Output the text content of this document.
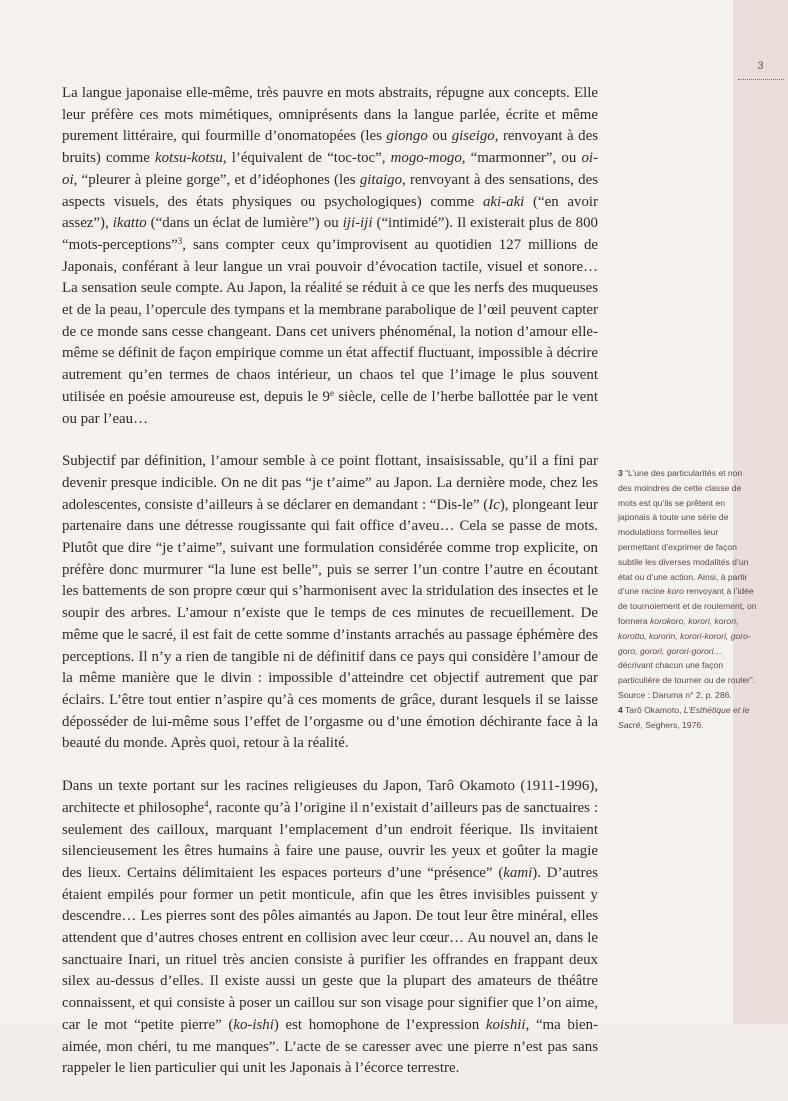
3

La langue japonaise elle-même, très pauvre en mots abstraits, répugne aux concepts. Elle leur préfère ces mots mimétiques, omniprésents dans la langue parlée, écrite et même purement littéraire, qui fourmille d’onomatopées (les giongo ou giseigo, renvoyant à des bruits) comme kotsu-kotsu, l’équivalent de “toc-toc”, mogo-mogo, “marmonner”, ou oi-oi, “pleurer à pleine gorge”, et d’idéophones (les gitaigo, renvoyant à des sensations, des aspects visuels, des états physiques ou psychologiques) comme aki-aki (“en avoir assez”), ikatto (“dans un éclat de lumière”) ou iji-iji (“intimidé”). Il existerait plus de 800 “mots-perceptions”$^3$, sans compter ceux qu’improvisent au quotidien 127 millions de Japonais, conférant à leur langue un vrai pouvoir d’évocation tactile, visuel et sonore… La sensation seule compte. Au Japon, la réalité se réduit à ce que les nerfs des muqueuses et de la peau, l’opercule des tympans et la membrane parabolique de l’œil peuvent capter de ce monde sans cesse changeant. Dans cet univers phénoménal, la notion d’amour elle-même se définit de façon empirique comme un état affectif fluctuant, impossible à décrire autrement qu’en termes de chaos intérieur, un chaos tel que l’image le plus souvent utilisée en poésie amoureuse est, depuis le 9e siècle, celle de l’herbe ballottée par le vent ou par l’eau…

Subjectif par définition, l’amour semble à ce point flottant, insaisissable, qu’il a fini par devenir presque indicible. On ne dit pas “je t’aime” au Japon. La dernière mode, chez les adolescentes, consiste d’ailleurs à se déclarer en demandant : “Dis-le” (Ic), plongeant leur partenaire dans une détresse rougissante qui fait office d’aveu… Cela se passe de mots. Plutôt que dire “je t’aime”, suivant une formulation considérée comme trop explicite, on préfère donc murmurer “la lune est belle”, puis se serrer l’un contre l’autre en écoutant les battements de son propre cœur qui s’harmonisent avec la stridulation des insectes et le soupir des arbres. L’amour n’existe que le temps de ces minutes de recueillement. De même que le sacré, il est fait de cette somme d’instants arrachés au passage éphémère des perceptions. Il n’y a rien de tangible ni de définitif dans ce pays qui considère l’amour de la même manière que le divin : impossible d’atteindre cet objectif autrement que par éclairs. L’être tout entier n’aspire qu’à ces moments de grâce, durant lesquels il se laisse déposséder de lui-même sous l’effet de l’orgasme ou d’une émotion déchirante face à la beauté du monde. Après quoi, retour à la réalité.

Dans un texte portant sur les racines religieuses du Japon, Tarô Okamoto (1911-1996), architecte et philosophe$^4$, raconte qu’à l’origine il n’existait d’ailleurs pas de sanctuaires : seulement des cailloux, marquant l’emplacement d’un endroit féerique. Ils invitaient silencieusement les êtres humains à faire une pause, ouvrir les yeux et goûter la magie des lieux. Certains délimitaient les espaces porteurs d’une “présence” (kami). D’autres étaient empilés pour former un petit monticule, afin que les êtres invisibles puissent y descendre… Les pierres sont des pôles aimantés au Japon. De tout leur être minéral, elles attendent que d’autres choses entrent en collision avec leur cœur… Au nouvel an, dans le sanctuaire Inari, un rituel très ancien consiste à purifier les offrandes en frappant deux silex au-dessus d’elles. Il existe aussi un geste que la plupart des amateurs de théâtre connaissent, et qui consiste à poser un caillou sur son visage pour signifier que l’on aime, car le mot “petite pierre” (ko-ishi) est homophone de l’expression koishii, “ma bien-aimée, mon chéri, tu me manques”. L’acte de se caresser avec une pierre n’est pas sans rappeler le lien particulier qui unit les Japonais à l’écorce terrestre.

3 “L’une des particularités et non des moindres de cette classe de mots est qu’ils se prêtent en japonais à toute une série de modulations formelles leur permettant d’exprimer de façon subtile les diverses modalités d’un état ou d’une action. Ainsi, à partir d’une racine koro renvoyant à l’idée de tournoiement et de roulement, on formera korokoro, korori, koron, korotto, kororin, korori-korori, goro-goro, gorori, gorori-gorori… décrivant chacun une façon particulière de tourner ou de rouler”. Source : Daruma n° 2, p. 286.

4 Tarô Okamoto, L’Esthétique et le Sacré, Seghers, 1976.
